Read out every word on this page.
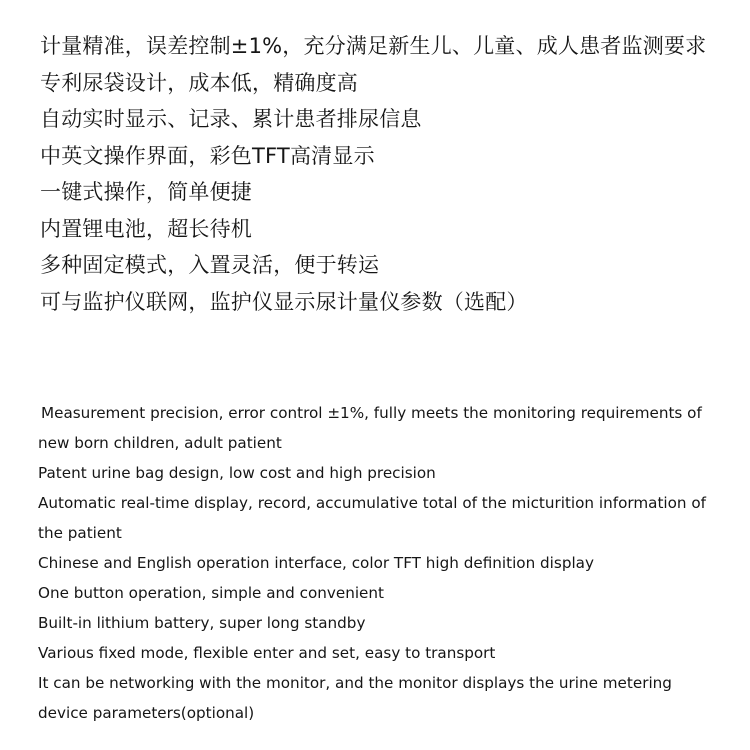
计量精准，误差控制±1%，充分满足新生儿、儿童、成人患者监测要求
专利尿袋设计，成本低，精确度高
自动实时显示、记录、累计患者排尿信息
中英文操作界面，彩色TFT高清显示
一键式操作，简单便捷
内置锂电池，超长待机
多种固定模式，入置灵活，便于转运
可与监护仪联网，监护仪显示尿计量仪参数（选配）
Measurement precision, error control ±1%, fully meets the monitoring requirements of new born children, adult patient
Patent urine bag design, low cost and high precision
Automatic real-time display, record, accumulative total of the micturition information of the patient
Chinese and English operation interface, color TFT high definition display
One button operation, simple and convenient
Built-in lithium battery, super long standby
Various fixed mode, flexible enter and set, easy to transport
It can be networking with the monitor, and the monitor displays the urine metering device parameters(optional)
